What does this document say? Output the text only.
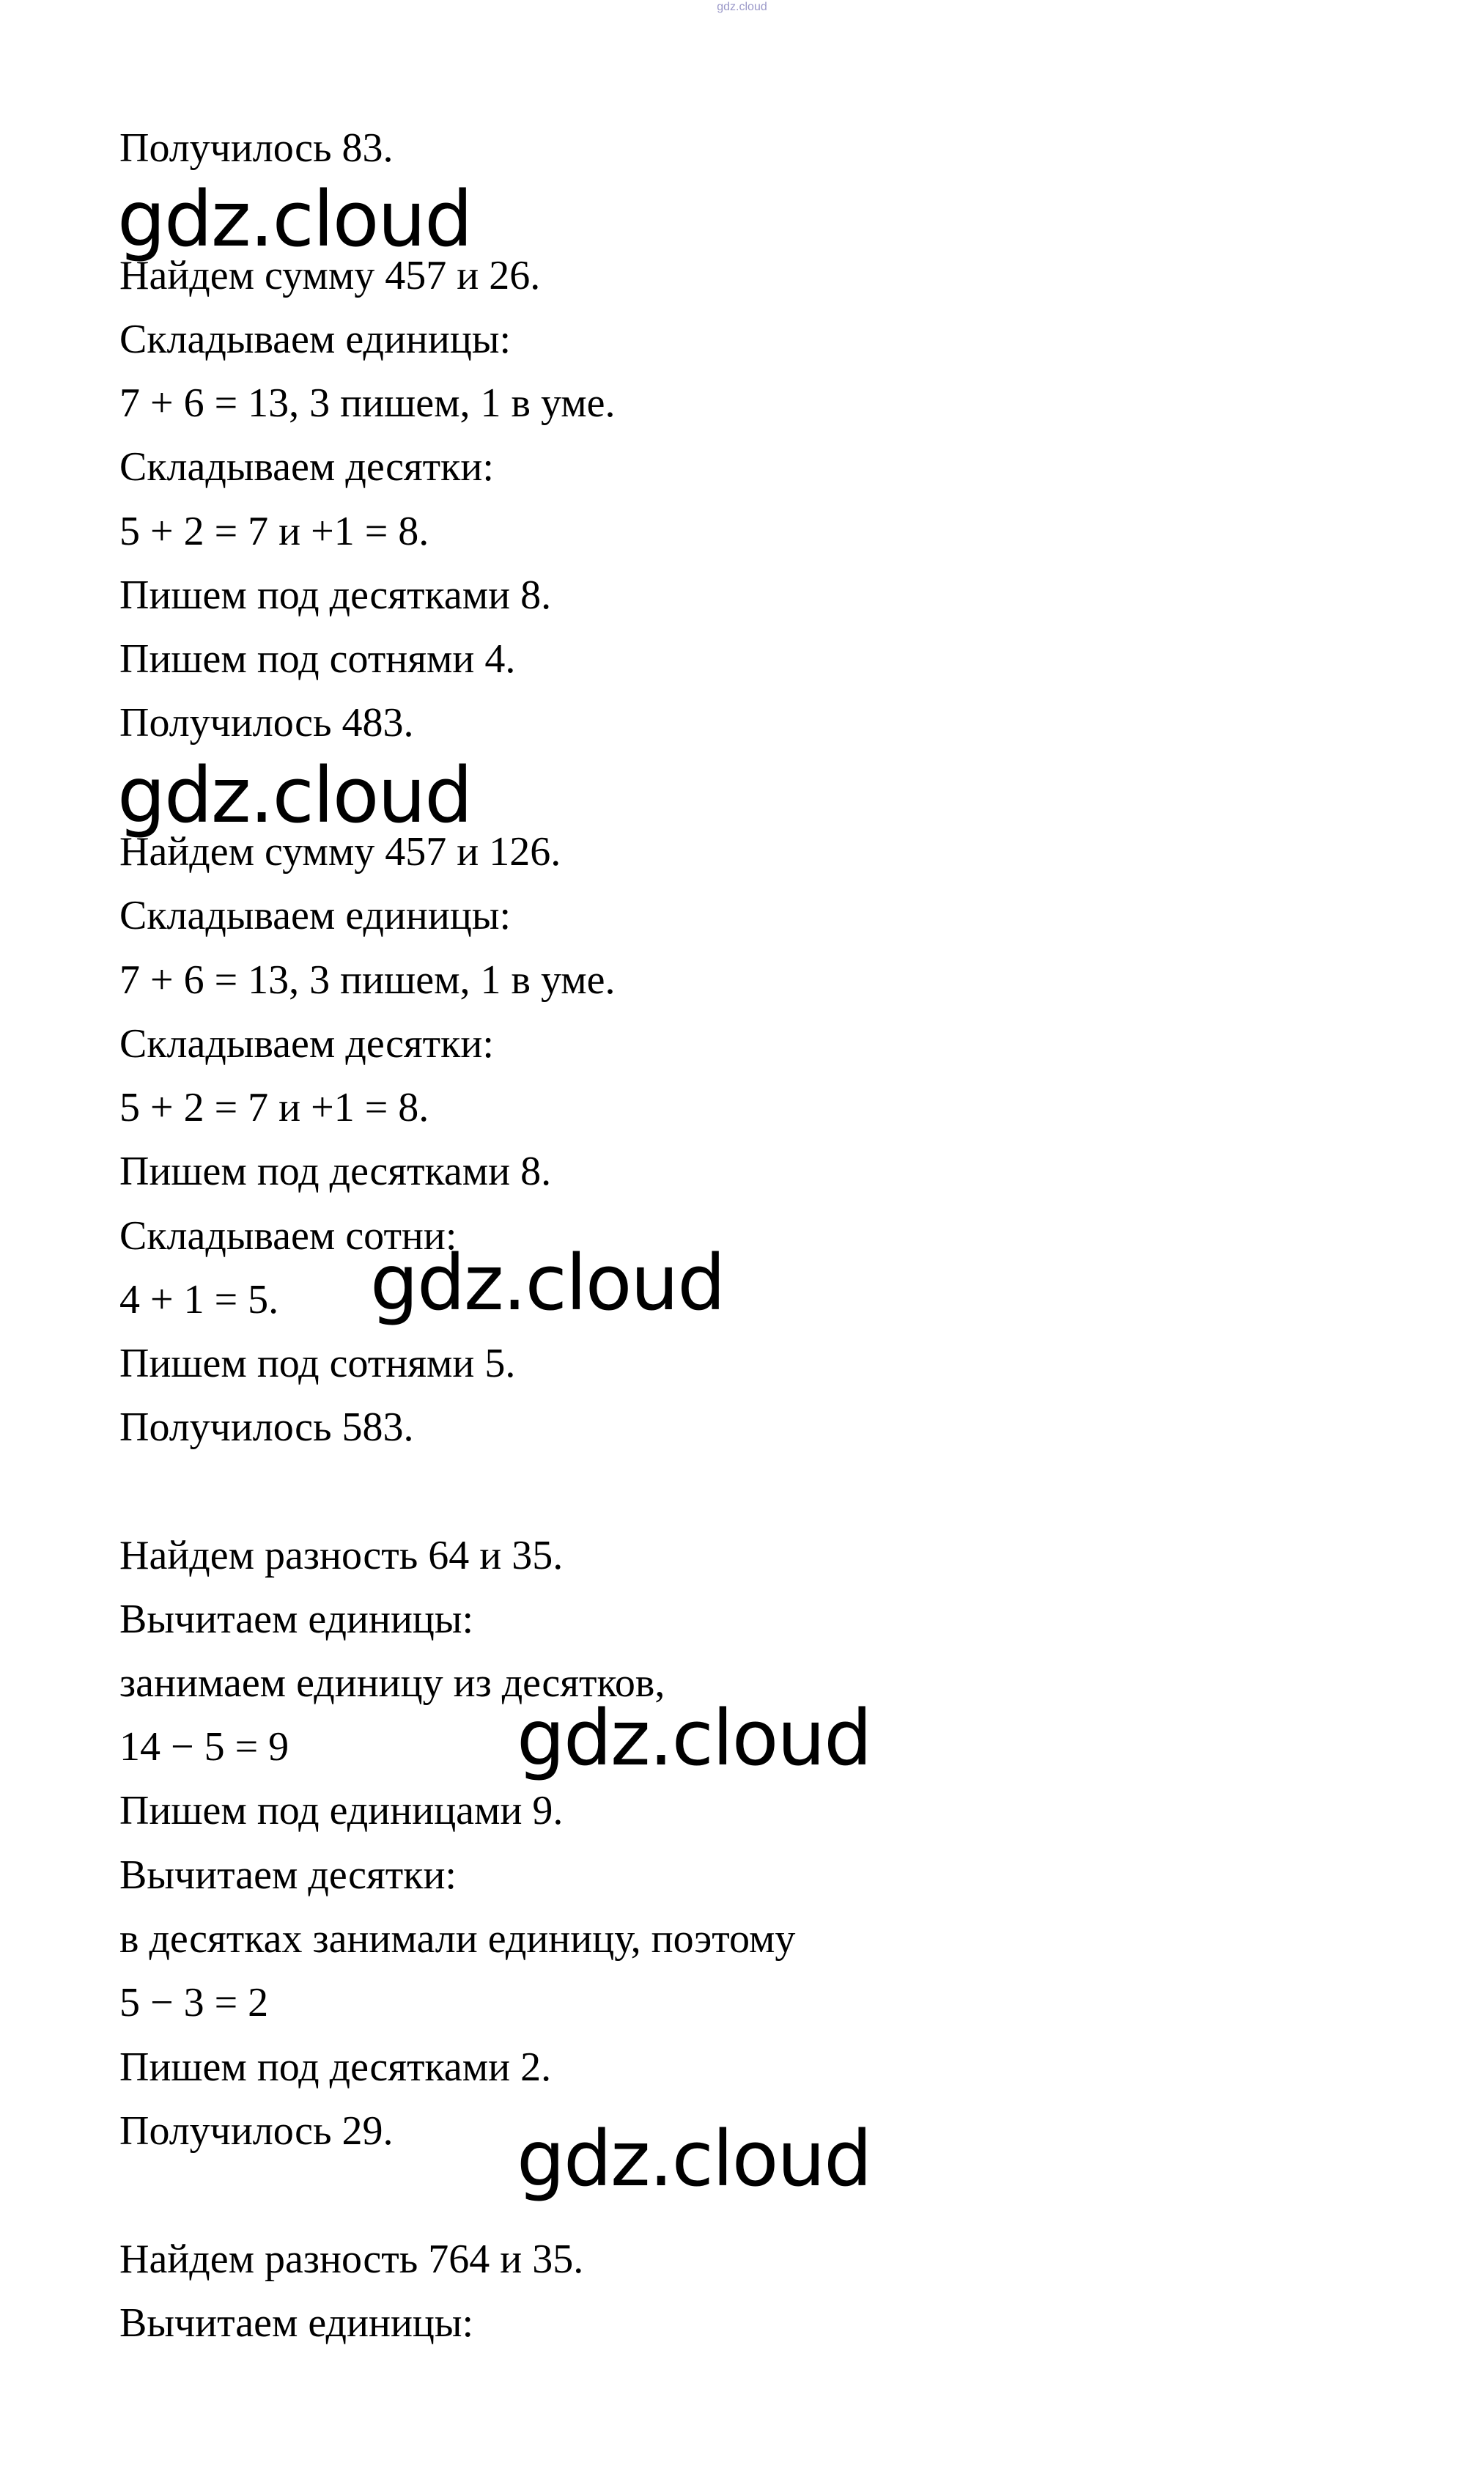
gdz.cloud
Получилось 83.
gdz.cloud
Найдем сумму 457 и 26.
Складываем единицы:
7 + 6 = 13, 3 пишем, 1 в уме.
Складываем десятки:
5 + 2 = 7 и +1 = 8.
Пишем под десятками 8.
Пишем под сотнями 4.
Получилось 483.
gdz.cloud
Найдем сумму 457 и 126.
Складываем единицы:
7 + 6 = 13, 3 пишем, 1 в уме.
Складываем десятки:
5 + 2 = 7 и +1 = 8.
Пишем под десятками 8.
Складываем сотни:
4 + 1 = 5. gdz.cloud
Пишем под сотнями 5.
Получилось 583.
Найдем разность 64 и 35.
Вычитаем единицы:
занимаем единицу из десятков,
14 − 5 = 9	gdz.cloud
Пишем под единицами 9.
Вычитаем десятки:
в десятках занимали единицу, поэтому
5 − 3 = 2
Пишем под десятками 2.
Получилось 29. gdz.cloud
Найдем разность 764 и 35.
Вычитаем единицы:
